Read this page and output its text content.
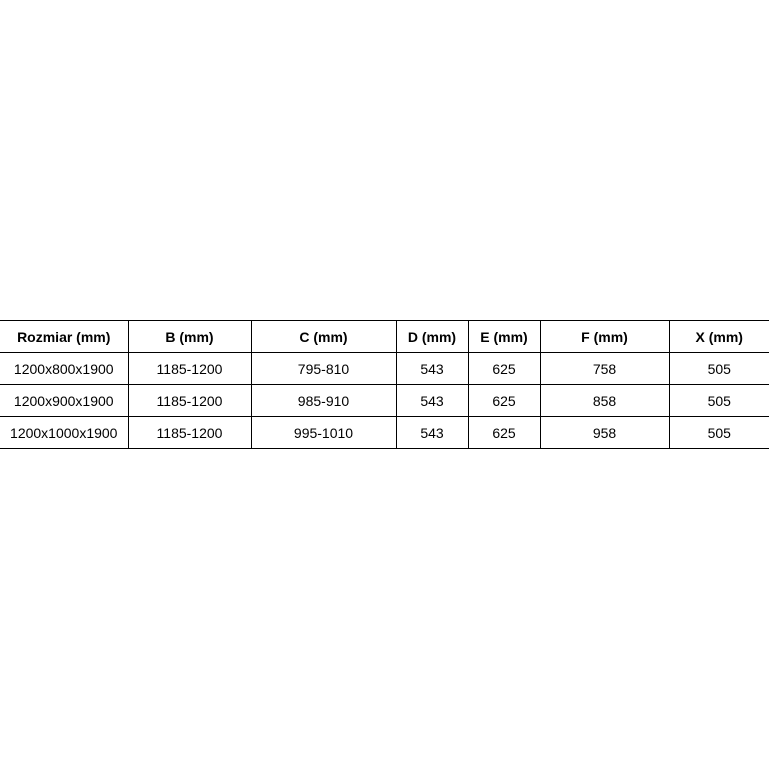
Rozmiar (mm)	B (mm)	C (mm)	D (mm)	E (mm)	F (mm)	X (mm)
1200x800x1900	1185-1200	795-810	543	625	758	505
1200x900x1900	1185-1200	985-910	543	625	858	505
1200x1000x1900	1185-1200	995-1010	543	625	958	505
